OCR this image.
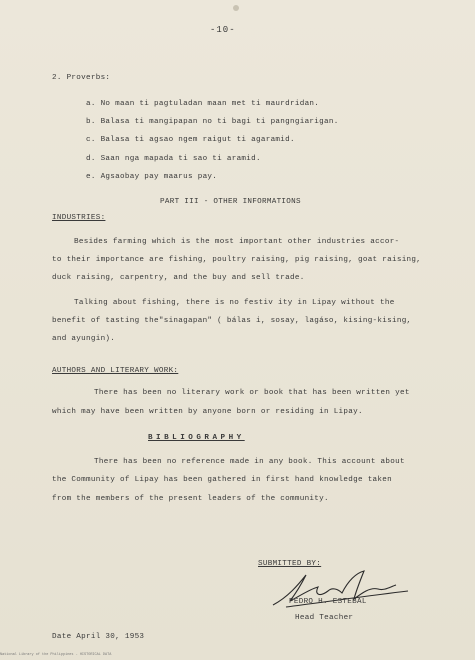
-10-
2. Proverbs:
a. No maan ti pagtuladan maan met ti maurdridan.
b. Balasa ti mangipapan no ti bagi ti pangngiarigan.
c. Balasa ti agsao ngem raigut ti agaramid.
d. Saan nga mapada ti sao ti aramid.
e. Agsaobay pay maarus pay.
PART III - OTHER INFORMATIONS
INDUSTRIES:
Besides farming which is the most important other industries accor-
to their importance are fishing, poultry raising, pig raising, goat raising,
duck raising, carpentry, and the buy and sell trade.
Talking about fishing, there is no festiv ity in Lipay without the
benefit of tasting the"sinagapan" ( bálas i, sosay, lagáso, kising-kising,
and ayungin).
AUTHORS AND LITERARY WORK:
There has been no literary work or book that has been written yet
which may have been written by anyone born or residing in Lipay.
BIBLIOGRAPHY
There has been no reference made in any book. This account about
the Community of Lipay has been gathered in first hand knowledge taken
from the members of the present leaders of the community.
SUBMITTED BY:
PEDRO H. ESTEBAL
Head Teacher
Date April 30, 1953
National Library of the Philippines - HISTORICAL DATA
